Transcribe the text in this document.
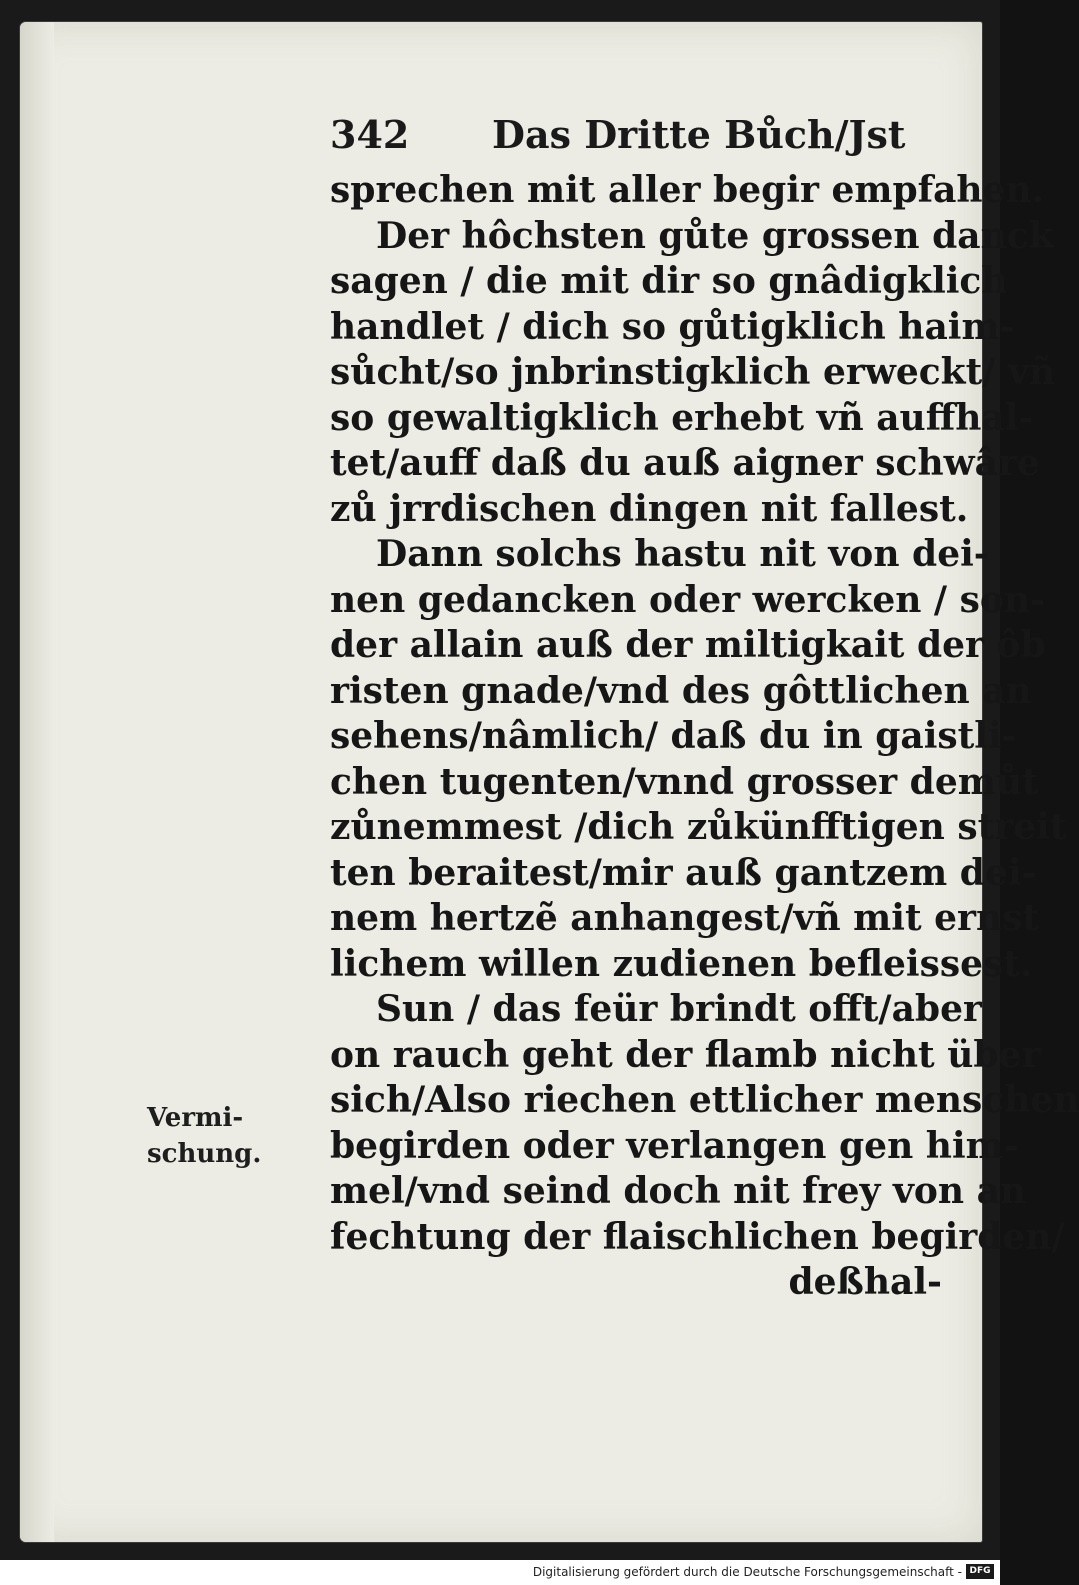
342 Das Dritte Bůch/Jst
sprechen mit aller begir empfahen.
Der hôchsten gůte grossen danck
sagen / die mit dir so gnâdigklich
handlet / dich so gůtigklich haim-
sůcht/so jnbrinstigklich erweckt/ vñ
so gewaltigklich erhebt vñ auffhal-
tet/auff daß du auß aigner schwâre
zů jrrdischen dingen nit fallest.
Dann solchs hastu nit von dei-
nen gedancken oder wercken / son-
der allain auß der miltigkait der ôb
risten gnade/vnd des gôttlichen an
sehens/nâmlich/ daß du in gaistli-
chen tugenten/vnnd grosser demůt
zůnemmest /dich zůkünfftigen streit
ten beraitest/mir auß gantzem dei-
nem hertzẽ anhangest/vñ mit ernst
lichem willen zudienen befleissest.
Sun / das feür brindt offt/aber
on rauch geht der flamb nicht über
sich/Also riechen ettlicher menschen
begirden oder verlangen gen him-
mel/vnd seind doch nit frey von an
fechtung der flaischlichen begirden/
deßhal-
Vermi-
schung.
Digitalisierung gefördert durch die Deutsche Forschungsgemeinschaft - DFG
